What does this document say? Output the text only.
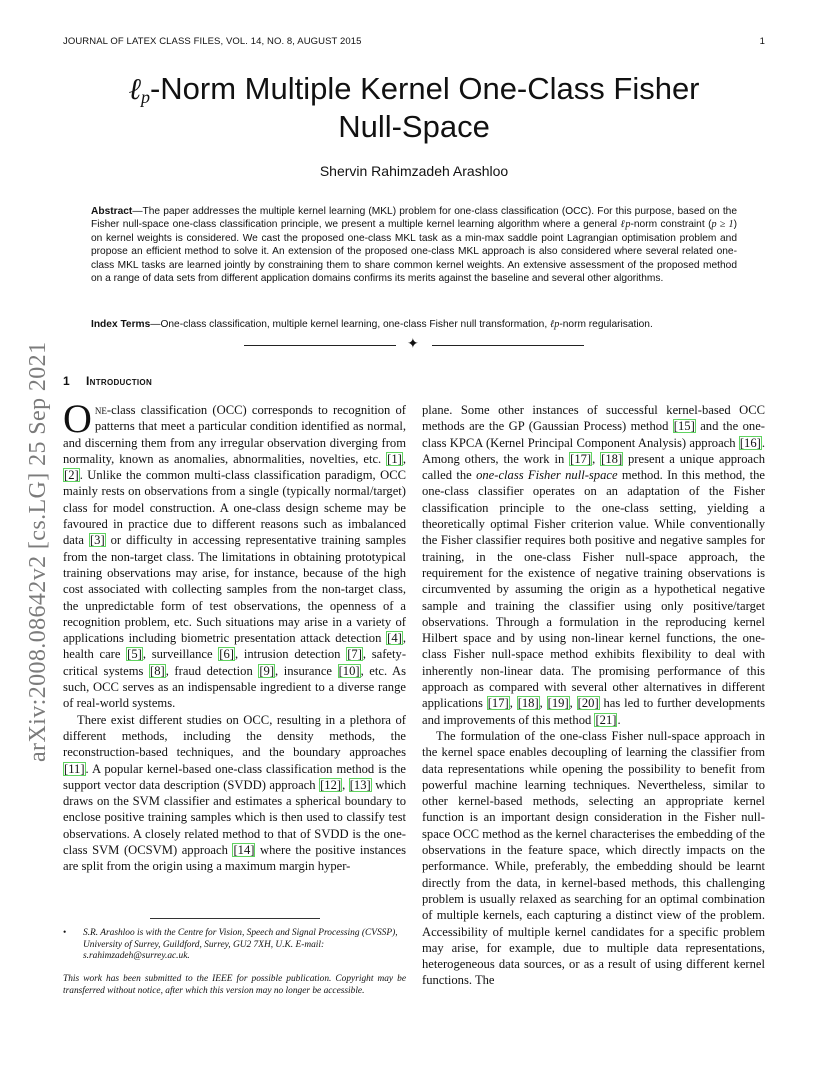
JOURNAL OF LATEX CLASS FILES, VOL. 14, NO. 8, AUGUST 2015	1
arXiv:2008.08642v2 [cs.LG] 25 Sep 2021
ℓ$_p$-Norm Multiple Kernel One-Class Fisher
Null-Space
Shervin Rahimzadeh Arashloo
Abstract—The paper addresses the multiple kernel learning (MKL) problem for one-class classification (OCC). For this purpose, based on the Fisher null-space one-class classification principle, we present a multiple kernel learning algorithm where a general ℓp-norm constraint (p ≥ 1) on kernel weights is considered. We cast the proposed one-class MKL task as a min-max saddle point Lagrangian optimisation problem and propose an efficient method to solve it. An extension of the proposed one-class MKL approach is also considered where several related one-class MKL tasks are learned jointly by constraining them to share common kernel weights. An extensive assessment of the proposed method on a range of data sets from different application domains confirms its merits against the baseline and several other algorithms.
Index Terms—One-class classification, multiple kernel learning, one-class Fisher null transformation, ℓp-norm regularisation.
✦
1 Introduction

One-class classification (OCC) corresponds to recognition of patterns that meet a particular condition identified as normal, and discerning them from any irregular observation diverging from normality, known as anomalies, abnormalities, novelties, etc. [1], [2]. Unlike the common multi-class classification paradigm, OCC mainly rests on observations from a single (typically normal/target) class for model construction. A one-class design scheme may be favoured in practice due to different reasons such as imbalanced data [3] or difficulty in accessing representative training samples from the non-target class. The limitations in obtaining prototypical training observations may arise, for instance, because of the high cost associated with collecting samples from the non-target class, the unpredictable form of test observations, the openness of a recognition problem, etc. Such situations may arise in a variety of applications including biometric presentation attack detection [4], health care [5], surveillance [6], intrusion detection [7], safety-critical systems [8], fraud detection [9], insurance [10], etc. As such, OCC serves as an indispensable ingredient to a diverse range of real-world systems.

There exist different studies on OCC, resulting in a plethora of different methods, including the density methods, the reconstruction-based techniques, and the boundary approaches [11]. A popular kernel-based one-class classification method is the support vector data description (SVDD) approach [12], [13] which draws on the SVM classifier and estimates a spherical boundary to enclose positive training samples which is then used to classify test observations. A closely related method to that of SVDD is the one-class SVM (OCSVM) approach [14] where the positive instances are split from the origin using a maximum margin hyper-

plane. Some other instances of successful kernel-based OCC methods are the GP (Gaussian Process) method [15] and the one-class KPCA (Kernel Principal Component Analysis) approach [16]. Among others, the work in [17], [18] present a unique approach called the one-class Fisher null-space method. In this method, the one-class classifier operates on an adaptation of the Fisher classification principle to the one-class setting, yielding a theoretically optimal Fisher criterion value. While conventionally the Fisher classifier requires both positive and negative samples for training, in the one-class Fisher null-space approach, the requirement for the existence of negative training observations is circumvented by assuming the origin as a hypothetical negative sample and training the classifier using only positive/target observations. Through a formulation in the reproducing kernel Hilbert space and by using non-linear kernel functions, the one-class Fisher null-space method exhibits flexibility to deal with inherently non-linear data. The promising performance of this approach as compared with several other alternatives in different applications [17], [18], [19], [20] has led to further developments and improvements of this method [21].

The formulation of the one-class Fisher null-space approach in the kernel space enables decoupling of learning the classifier from data representations while opening the possibility to benefit from powerful machine learning techniques. Nevertheless, similar to other kernel-based methods, selecting an appropriate kernel function is an important design consideration in the Fisher null-space OCC method as the kernel characterises the embedding of the observations in the feature space, which directly impacts on the performance. While, preferably, the embedding should be learnt directly from the data, in kernel-based methods, this challenging problem is usually relaxed as searching for an optimal combination of multiple kernels, each capturing a distinct view of the problem. Accessibility of multiple kernel candidates for a specific problem may arise, for example, due to multiple data representations, heterogeneous data sources, or as a result of using different kernel functions. The

• S.R. Arashloo is with the Centre for Vision, Speech and Signal Processing (CVSSP), University of Surrey, Guildford, Surrey, GU2 7XH, U.K. E-mail: s.rahimzadeh@surrey.ac.uk.
This work has been submitted to the IEEE for possible publication. Copyright may be transferred without notice, after which this version may no longer be accessible.
